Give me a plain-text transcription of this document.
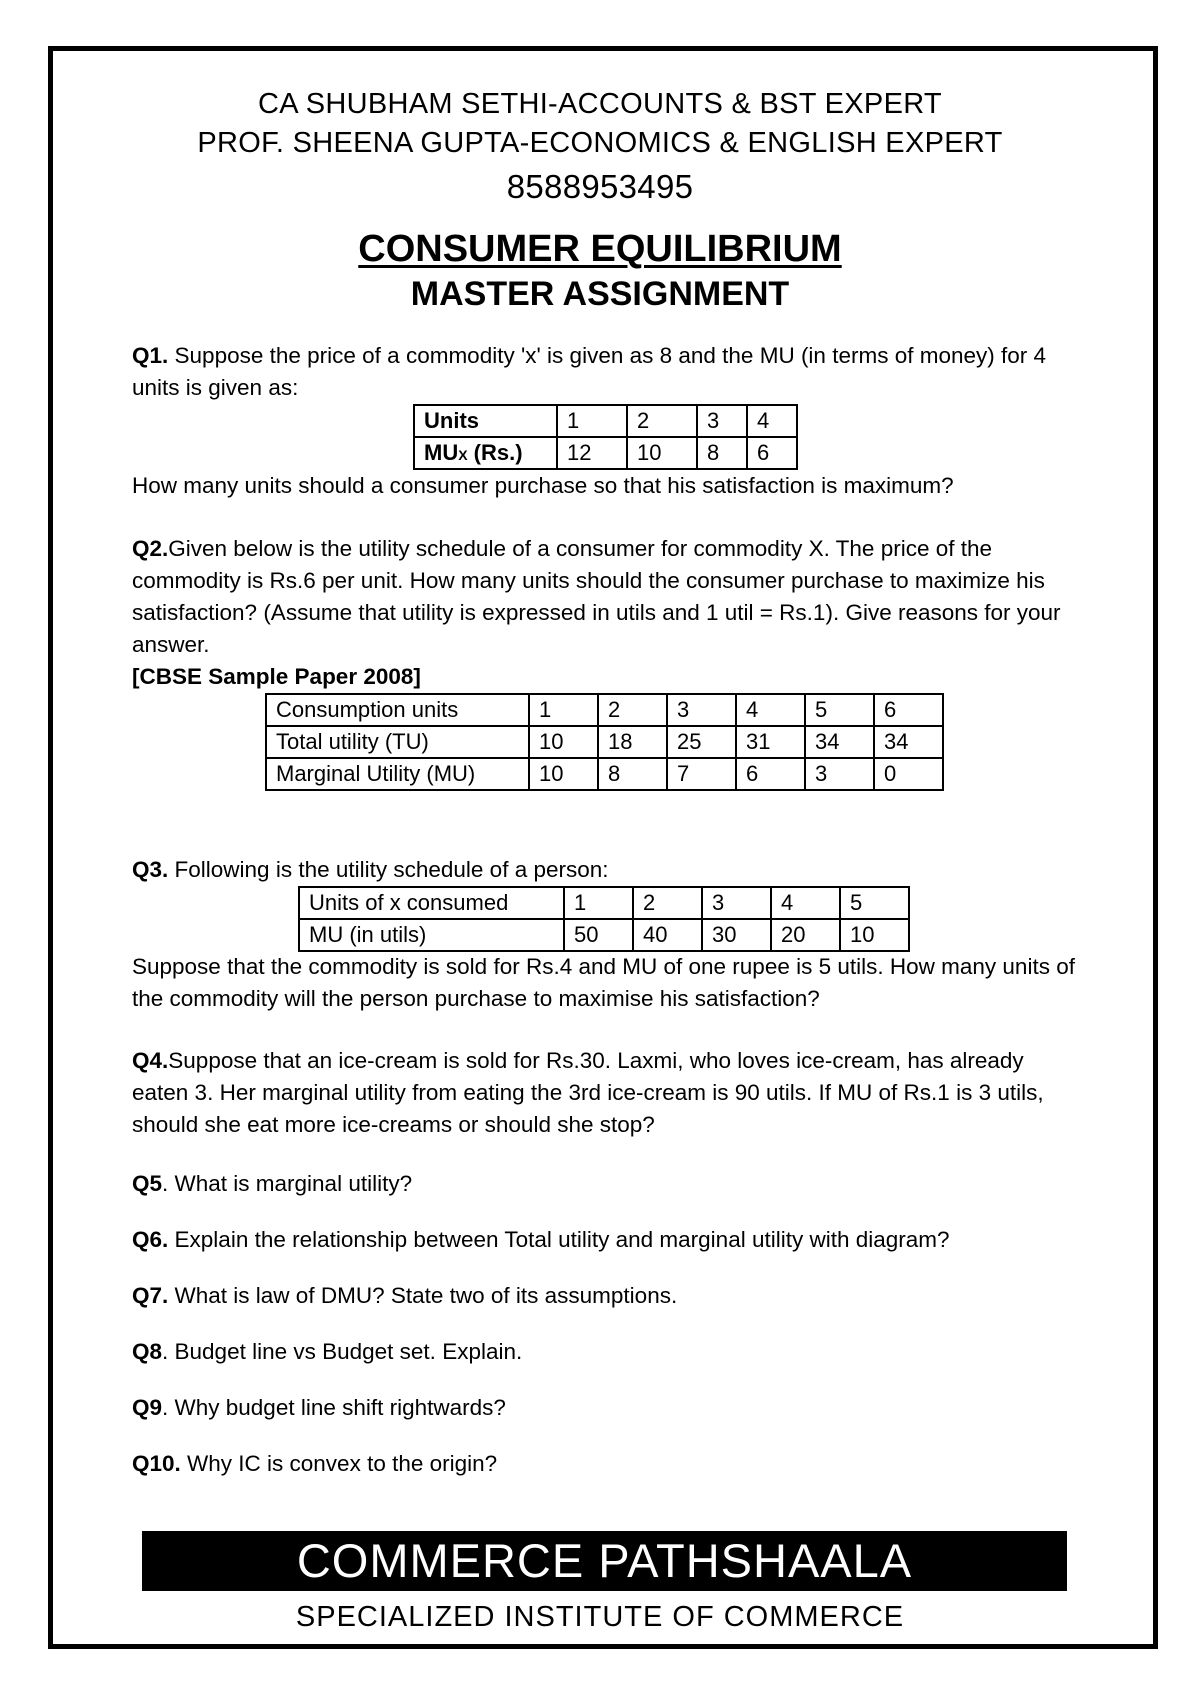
CA SHUBHAM SETHI-ACCOUNTS & BST EXPERT
PROF. SHEENA GUPTA-ECONOMICS & ENGLISH EXPERT
8588953495
CONSUMER EQUILIBRIUM
MASTER ASSIGNMENT
Q1. Suppose the price of a commodity 'x' is given as 8 and the MU (in terms of money) for 4 units is given as:
Units	1	2	3	4
MUX (Rs.)	12	10	8	6
How many units should a consumer purchase so that his satisfaction is maximum?
Q2.Given below is the utility schedule of a consumer for commodity X. The price of the commodity is Rs.6 per unit. How many units should the consumer purchase to maximize his satisfaction? (Assume that utility is expressed in utils and 1 util = Rs.1). Give reasons for your answer.
[CBSE Sample Paper 2008]
Consumption units	1	2	3	4	5	6
Total utility (TU)	10	18	25	31	34	34
Marginal Utility (MU)	10	8	7	6	3	0
Q3. Following is the utility schedule of a person:
Units of x consumed	1	2	3	4	5
MU (in utils)	50	40	30	20	10
Suppose that the commodity is sold for Rs.4 and MU of one rupee is 5 utils. How many units of the commodity will the person purchase to maximise his satisfaction?
Q4.Suppose that an ice-cream is sold for Rs.30. Laxmi, who loves ice-cream, has already eaten 3. Her marginal utility from eating the 3rd ice-cream is 90 utils. If MU of Rs.1 is 3 utils, should she eat more ice-creams or should she stop?
Q5. What is marginal utility?
Q6. Explain the relationship between Total utility and marginal utility with diagram?
Q7. What is law of DMU? State two of its assumptions.
Q8. Budget line vs Budget set. Explain.
Q9. Why budget line shift rightwards?
Q10. Why IC is convex to the origin?
COMMERCE PATHSHAALA
SPECIALIZED INSTITUTE OF COMMERCE
